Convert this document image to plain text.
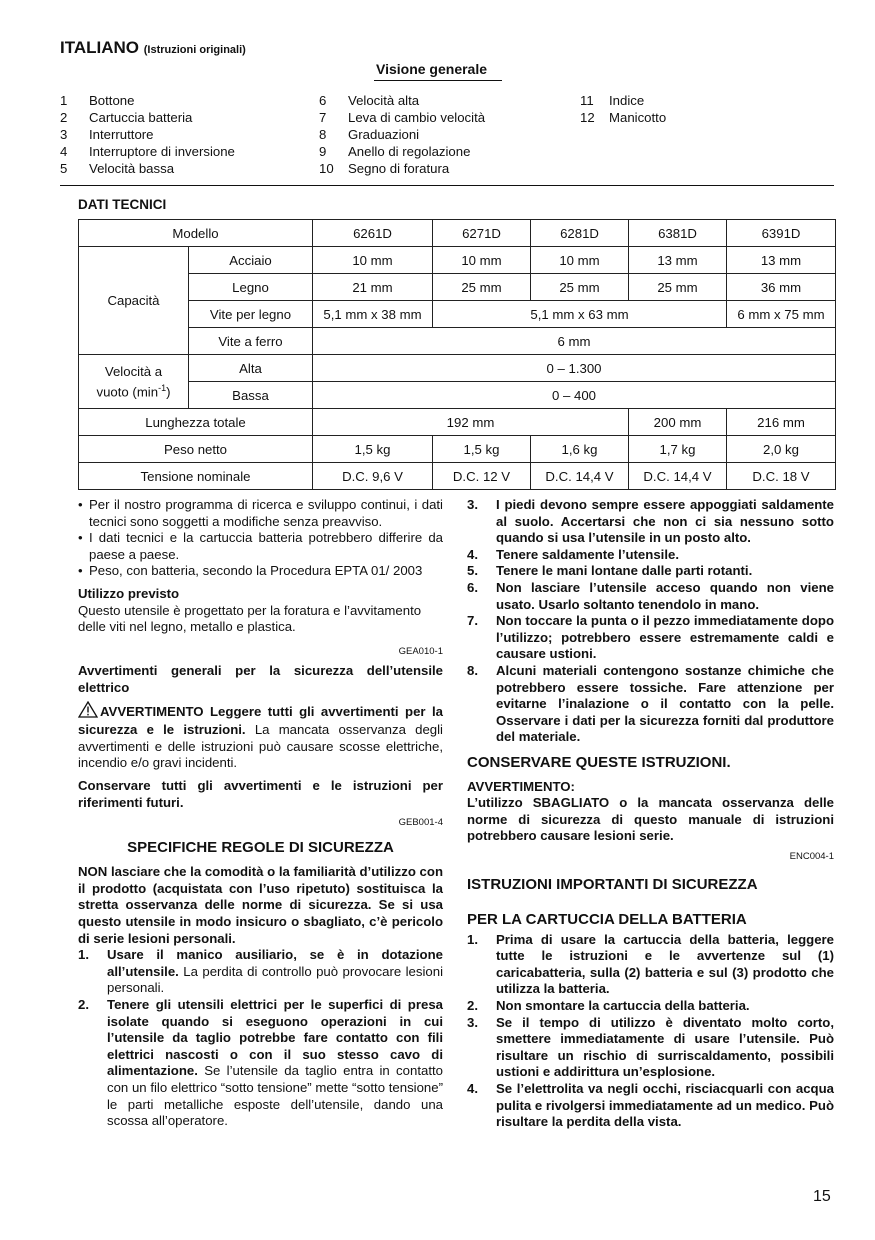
ITALIANO (Istruzioni originali)
Visione generale
1	Bottone
2	Cartuccia batteria
3	Interruttore
4	Interruptore di inversione
5	Velocità bassa
6	Velocità alta
7	Leva di cambio velocità
8	Graduazioni
9	Anello di regolazione
10	Segno di foratura
11	Indice
12	Manicotto
DATI TECNICI
Modello		6261D	6271D	6281D	6381D	6391D
Capacità	Acciaio	10 mm	10 mm	10 mm	13 mm	13 mm
	Legno	21 mm	25 mm	25 mm	25 mm	36 mm
	Vite per legno	5,1 mm x 38 mm	5,1 mm x 63 mm			6 mm x 75 mm
	Vite a ferro	6 mm				
Velocità a
vuoto $(\min^{-1})$	Alta	0 – 1.300				
	Bassa	0 – 400				
Lunghezza totale		192 mm			200 mm	216 mm
Peso netto		1,5 kg	1,5 kg	1,6 kg	1,7 kg	2,0 kg
Tensione nominale		D.C. 9,6 V	D.C. 12 V	D.C. 14,4 V	D.C. 14,4 V	D.C. 18 V
• Per il nostro programma di ricerca e sviluppo continui, i dati tecnici sono soggetti a modifiche senza preavviso.
• I dati tecnici e la cartuccia batteria potrebbero differire da paese a paese.
• Peso, con batteria, secondo la Procedura EPTA 01/ 2003
Utilizzo previsto
Questo utensile è progettato per la foratura e l’avvitamento delle viti nel legno, metallo e plastica.
GEA010-1
Avvertimenti generali per la sicurezza dell’utensile elettrico
AVVERTIMENTO Leggere tutti gli avvertimenti per la sicurezza e le istruzioni. La mancata osservanza degli avvertimenti e delle istruzioni può causare scosse elettriche, incendio e/o gravi incidenti.
Conservare tutti gli avvertimenti e le istruzioni per riferimenti futuri.
GEB001-4
SPECIFICHE REGOLE DI SICUREZZA
NON lasciare che la comodità o la familiarità d’utilizzo con il prodotto (acquistata con l’uso ripetuto) sostituisca la stretta osservanza delle norme di sicurezza. Se si usa questo utensile in modo insicuro o sbagliato, c’è pericolo di serie lesioni personali.
1.	Usare il manico ausiliario, se è in dotazione all’utensile. La perdita di controllo può provocare lesioni personali.
2.	Tenere gli utensili elettrici per le superfici di presa isolate quando si eseguono operazioni in cui l’utensile da taglio potrebbe fare contatto con fili elettrici nascosti o con il suo stesso cavo di alimentazione. Se l’utensile da taglio entra in contatto con un filo elettrico “sotto tensione” mette “sotto tensione” le parti metalliche esposte dell’utensile, dando una scossa all’operatore.
3.	I piedi devono sempre essere appoggiati saldamente al suolo. Accertarsi che non ci sia nessuno sotto quando si usa l’utensile in un posto alto.
4.	Tenere saldamente l’utensile.
5.	Tenere le mani lontane dalle parti rotanti.
6.	Non lasciare l’utensile acceso quando non viene usato. Usarlo soltanto tenendolo in mano.
7.	Non toccare la punta o il pezzo immediatamente dopo l’utilizzo; potrebbero essere estremamente caldi e causare ustioni.
8.	Alcuni materiali contengono sostanze chimiche che potrebbero essere tossiche. Fare attenzione per evitarne l’inalazione o il contatto con la pelle. Osservare i dati per la sicurezza forniti dal produttore del materiale.
CONSERVARE QUESTE ISTRUZIONI.
AVVERTIMENTO:
L’utilizzo SBAGLIATO o la mancata osservanza delle norme di sicurezza di questo manuale di istruzioni potrebbero causare lesioni serie.
ENC004-1
ISTRUZIONI IMPORTANTI DI SICUREZZA
PER LA CARTUCCIA DELLA BATTERIA
1.	Prima di usare la cartuccia della batteria, leggere tutte le istruzioni e le avvertenze sul (1) caricabatteria, sulla (2) batteria e sul (3) prodotto che utilizza la batteria.
2.	Non smontare la cartuccia della batteria.
3.	Se il tempo di utilizzo è diventato molto corto, smettere immediatamente di usare l’utensile. Può risultare un rischio di surriscaldamento, possibili ustioni e addirittura un’esplosione.
4.	Se l’elettrolita va negli occhi, risciacquarli con acqua pulita e rivolgersi immediatamente ad un medico. Può risultare la perdita della vista.
15
